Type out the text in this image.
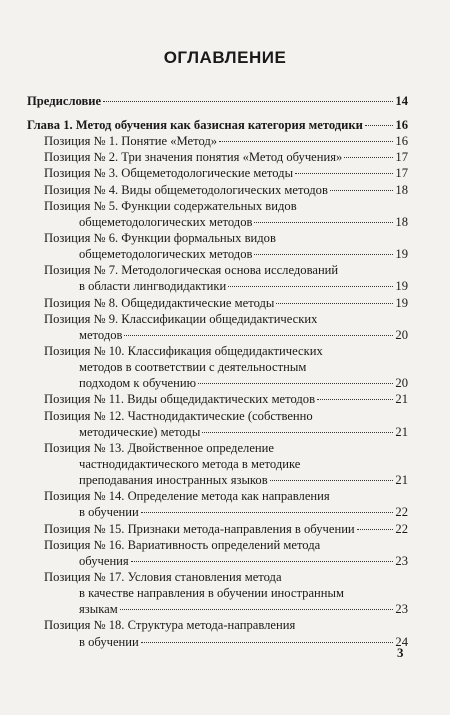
ОГЛАВЛЕНИЕ
Предисловие	14
Глава 1. Метод обучения как базисная категория методики	16
Позиция № 1. Понятие «Метод»	16
Позиция № 2. Три значения понятия «Метод обучения»	17
Позиция № 3. Общеметодологические методы	17
Позиция № 4. Виды общеметодологических методов	18
Позиция № 5. Функции содержательных видов
общеметодологических методов	18
Позиция № 6. Функции формальных видов
общеметодологических методов	19
Позиция № 7. Методологическая основа исследований
в области лингводидактики	19
Позиция № 8. Общедидактические методы	19
Позиция № 9. Классификации общедидактических
методов	20
Позиция № 10. Классификация общедидактических
методов в соответствии с деятельностным
подходом к обучению	20
Позиция № 11. Виды общедидактических методов	21
Позиция № 12. Частнодидактические (собственно
методические) методы	21
Позиция № 13. Двойственное определение
частнодидактического метода в методике
преподавания иностранных языков	21
Позиция № 14. Определение метода как направления
в обучении	22
Позиция № 15. Признаки метода-направления в обучении	22
Позиция № 16. Вариативность определений метода
обучения	23
Позиция № 17. Условия становления метода
в качестве направления в обучении иностранным
языкам	23
Позиция № 18. Структура метода-направления
в обучении	24
3
